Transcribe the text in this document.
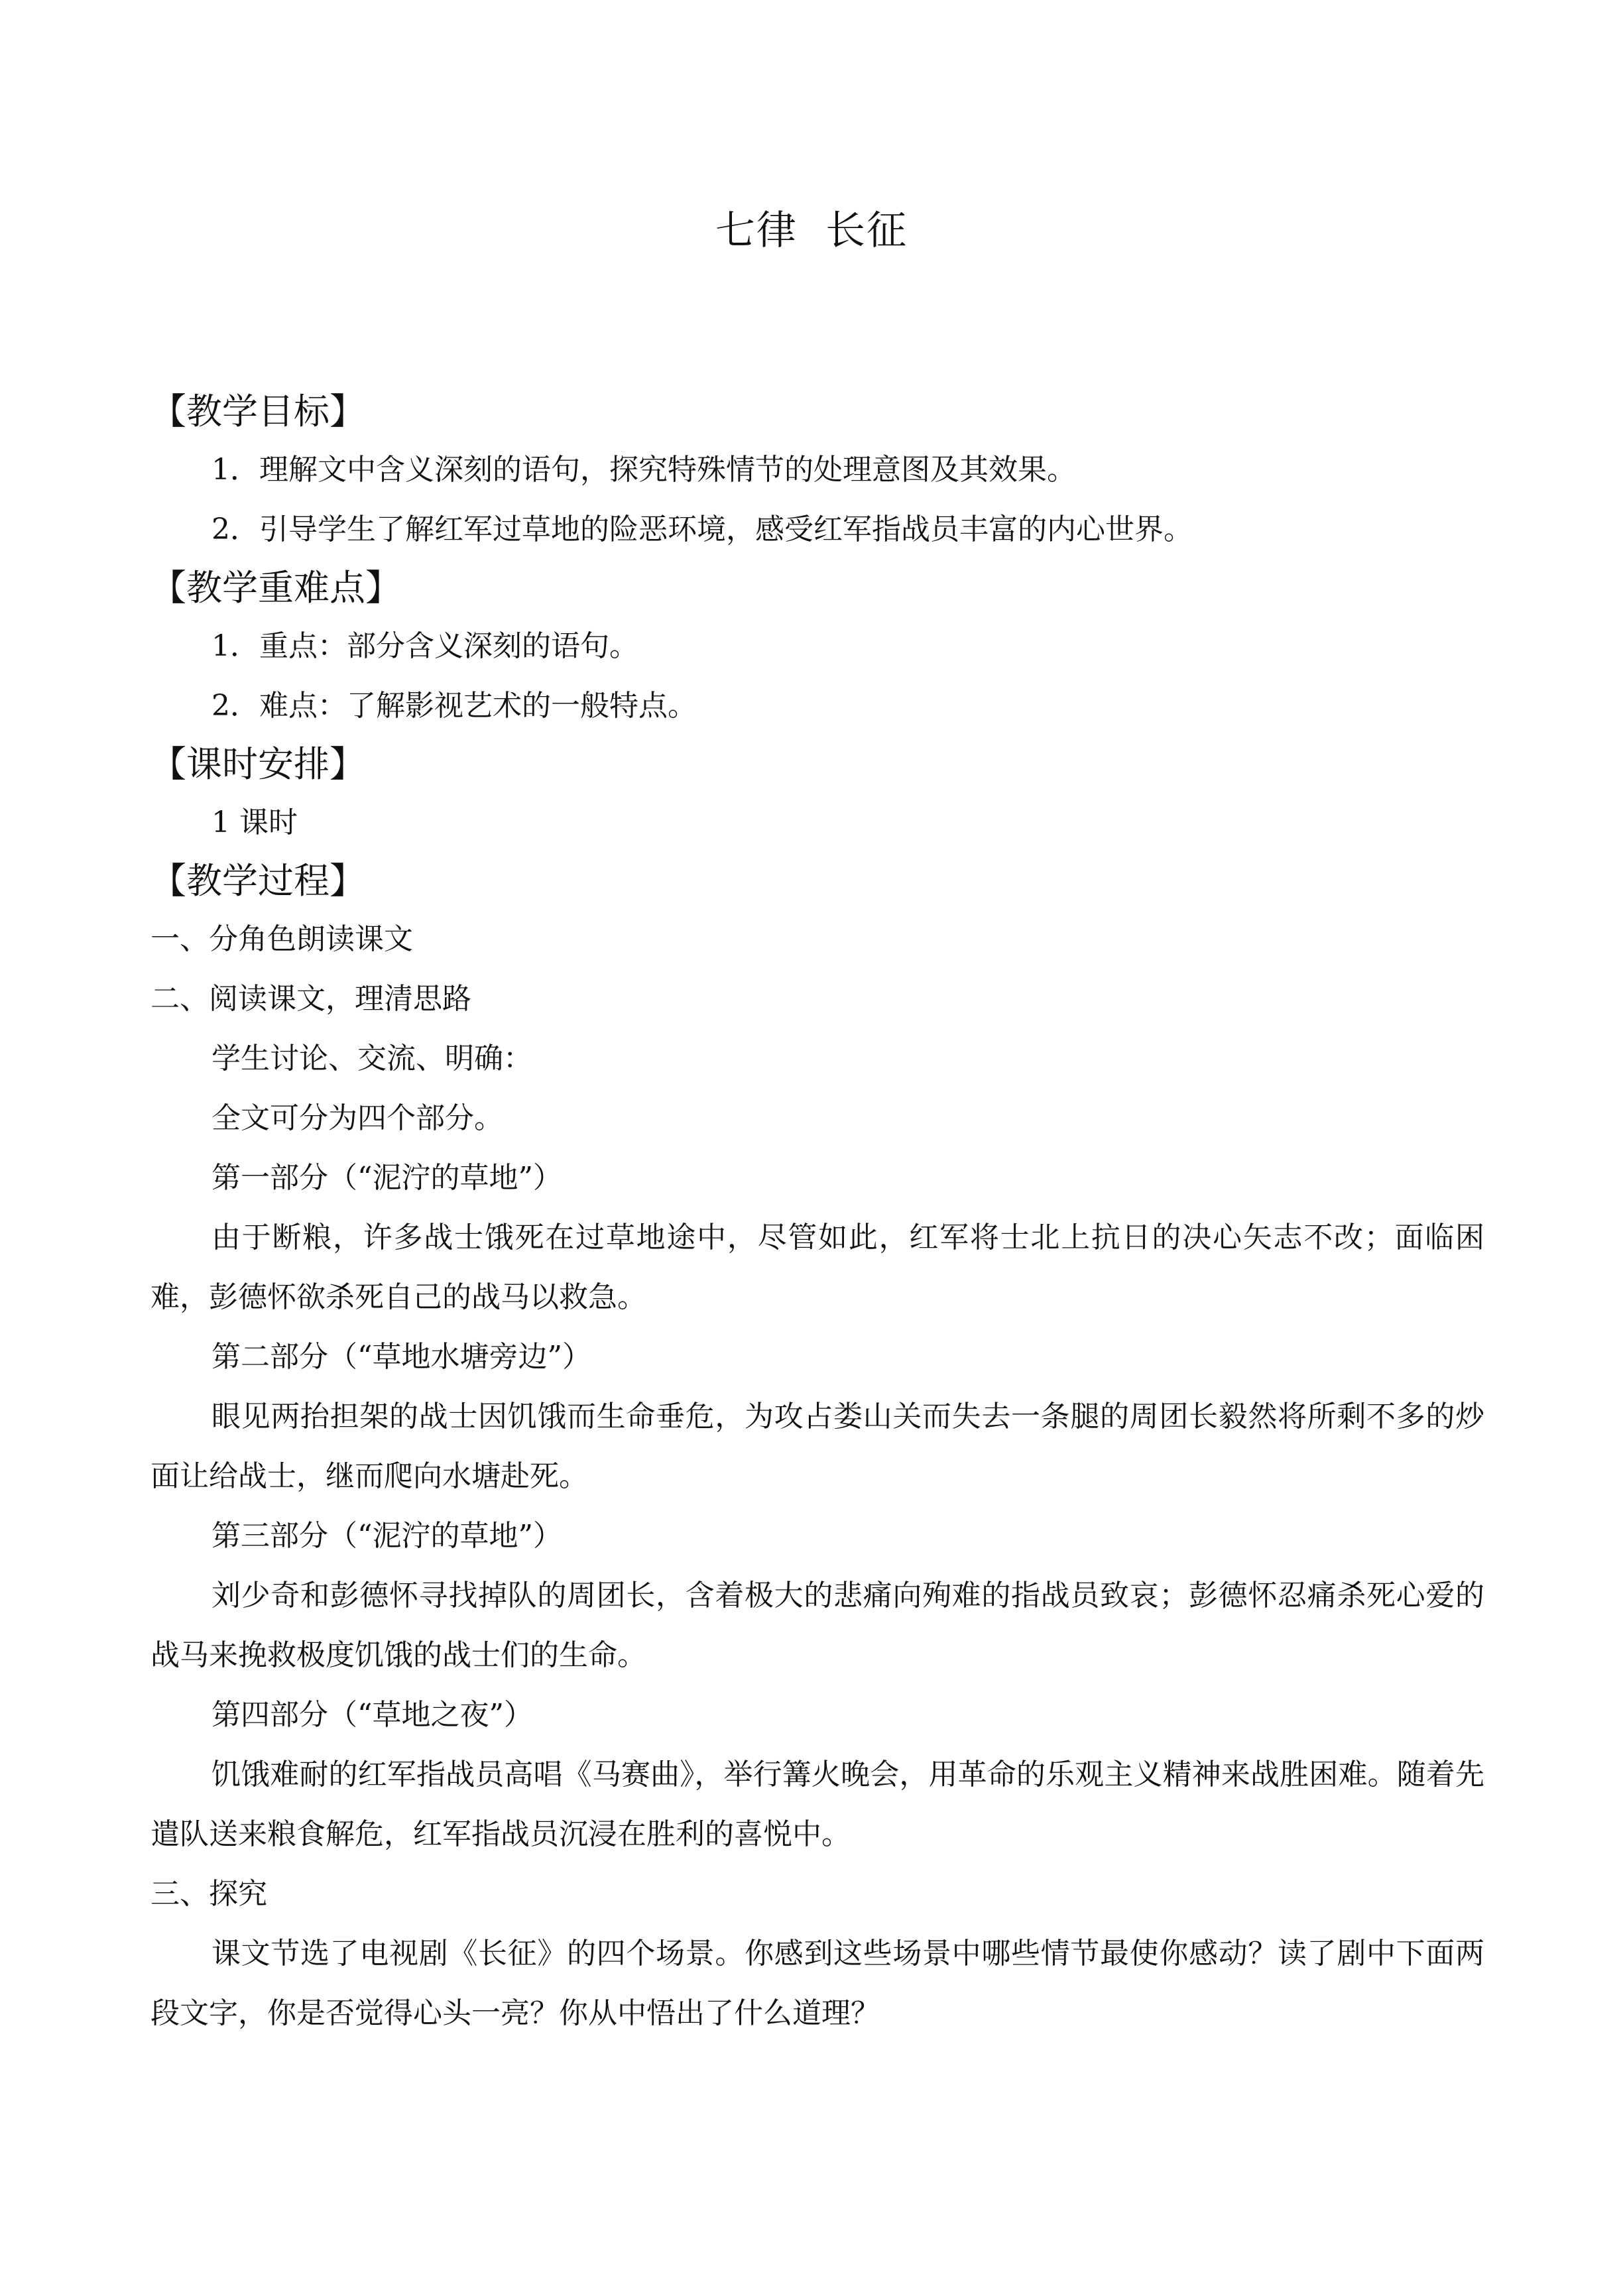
七律  长征
【教学目标】
1．理解文中含义深刻的语句，探究特殊情节的处理意图及其效果。
2．引导学生了解红军过草地的险恶环境，感受红军指战员丰富的内心世界。
【教学重难点】
1．重点：部分含义深刻的语句。
2．难点：了解影视艺术的一般特点。
【课时安排】
1 课时
【教学过程】
一、分角色朗读课文
二、阅读课文，理清思路
学生讨论、交流、明确：
全文可分为四个部分。
第一部分（“泥泞的草地”）

由于断粮，许多战士饿死在过草地途中，尽管如此，红军将士北上抗日的决心矢志不改；面临困难，彭德怀欲杀死自己的战马以救急。

第二部分（“草地水塘旁边”）

眼见两抬担架的战士因饥饿而生命垂危，为攻占娄山关而失去一条腿的周团长毅然将所剩不多的炒面让给战士，继而爬向水塘赴死。

第三部分（“泥泞的草地”）

刘少奇和彭德怀寻找掉队的周团长，含着极大的悲痛向殉难的指战员致哀；彭德怀忍痛杀死心爱的战马来挽救极度饥饿的战士们的生命。

第四部分（“草地之夜”）

饥饿难耐的红军指战员高唱《马赛曲》，举行篝火晚会，用革命的乐观主义精神来战胜困难。随着先遣队送来粮食解危，红军指战员沉浸在胜利的喜悦中。

三、探究

课文节选了电视剧《长征》的四个场景。你感到这些场景中哪些情节最使你感动？读了剧中下面两段文字，你是否觉得心头一亮？你从中悟出了什么道理？
